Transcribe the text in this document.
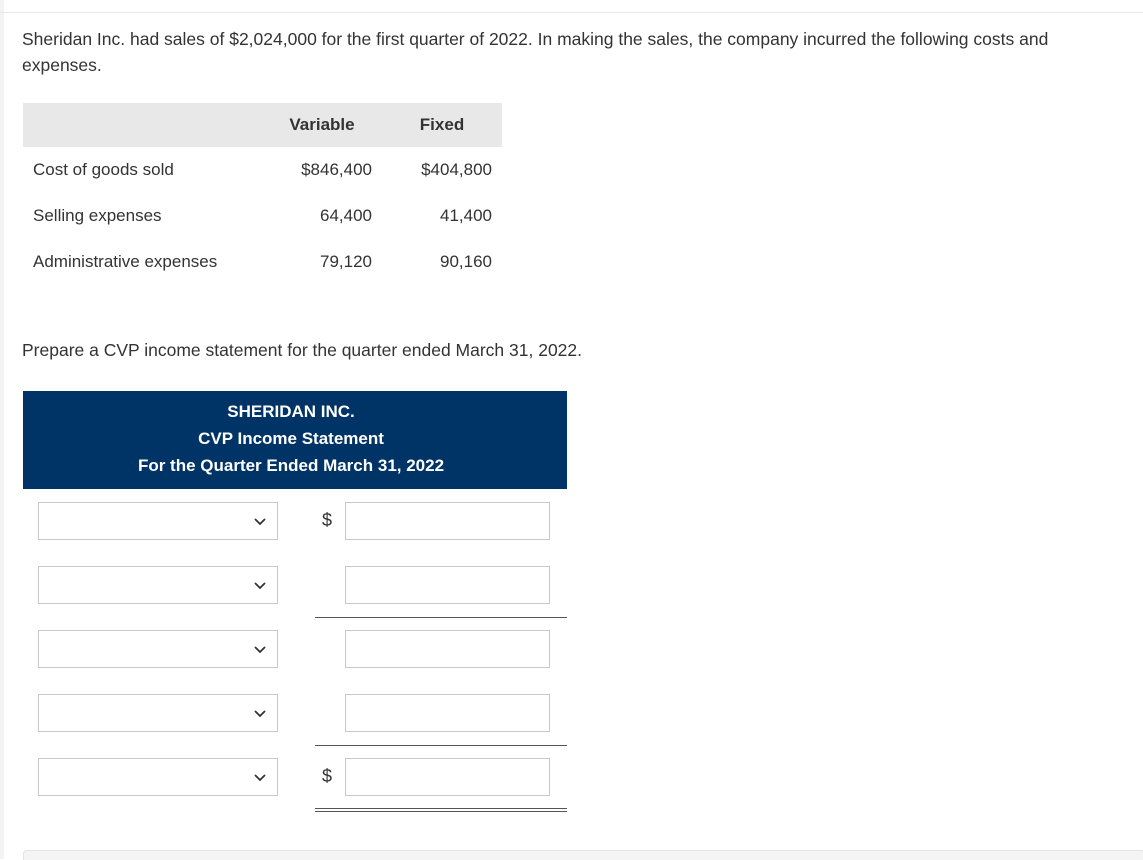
Sheridan Inc. had sales of $2,024,000 for the first quarter of 2022. In making the sales, the company incurred the following costs and expenses.
	Variable	Fixed
Cost of goods sold	$846,400	$404,800
Selling expenses	64,400	41,400
Administrative expenses	79,120	90,160
Prepare a CVP income statement for the quarter ended March 31, 2022.
SHERIDAN INC.
CVP Income Statement
For the Quarter Ended March 31, 2022
$
$
